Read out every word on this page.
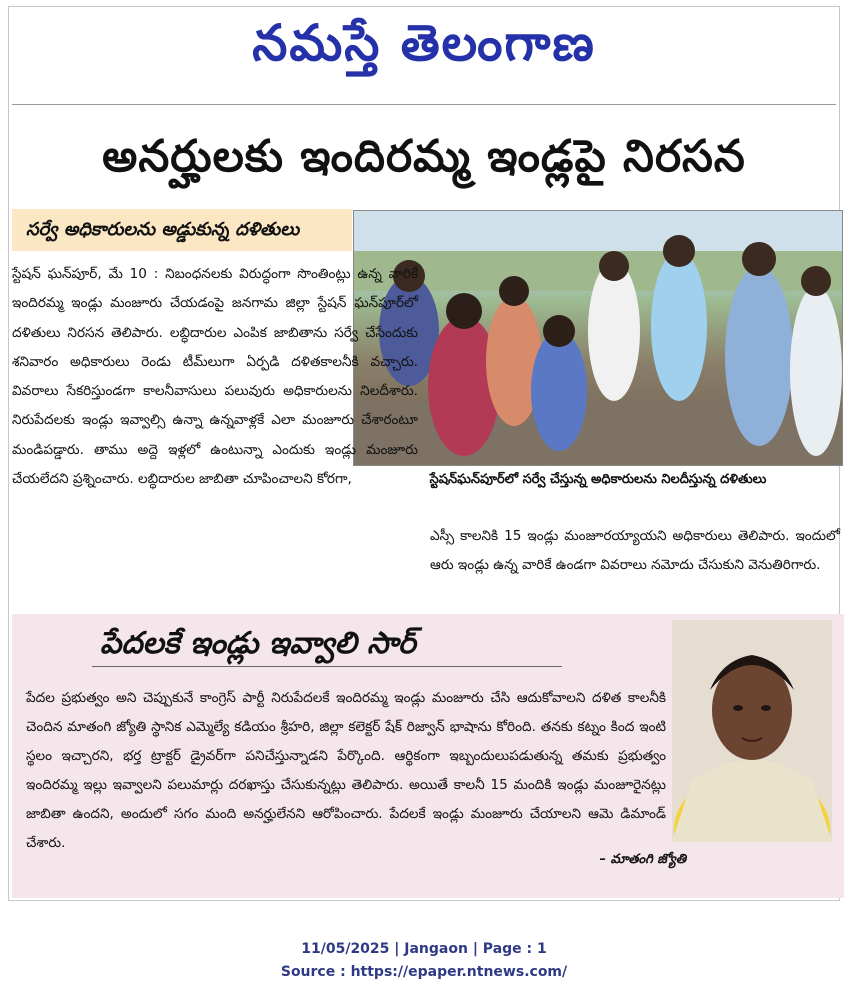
నమస్తే తెలంగాణ
అనర్హులకు ఇందిరమ్మ ఇండ్లపై నిరసన
సర్వే అధికారులను అడ్డుకున్న దళితులు
స్టేషన్‌ఘన్‌పూర్‌లో సర్వే చేస్తున్న అధికారులను నిలదీస్తున్న దళితులు
స్టేషన్ ఘన్‌పూర్, మే 10 : నిబంధనలకు విరుద్ధంగా సొంతింట్లు ఉన్న వారికే ఇందిరమ్మ ఇండ్లు మంజూరు చేయడంపై జనగామ జిల్లా స్టేషన్ ఘన్‌పూర్‌లో దళితులు నిరసన తెలిపారు. లబ్ధిదారుల ఎంపిక జాబితాను సర్వే చేసేందుకు శనివారం అధికారులు రెండు టీమ్‌లుగా ఏర్పడి దళితకాలనీకి వచ్చారు. వివరాలు సేకరిస్తుండగా కాలనీవాసులు పలువురు అధికారులను నిలదీశారు. నిరుపేదలకు ఇండ్లు ఇవ్వాల్సి ఉన్నా ఉన్నవాళ్లకే ఎలా మంజూరు చేశారంటూ మండిపడ్డారు. తాము అద్దె ఇళ్లలో ఉంటున్నా ఎందుకు ఇండ్లు మంజూరు చేయలేదని ప్రశ్నించారు. లబ్ధిదారుల జాబితా చూపించాలని కోరగా,
ఎస్సీ కాలనికి 15 ఇండ్లు మంజూరయ్యాయని అధికారులు తెలిపారు. ఇందులో ఆరు ఇండ్లు ఉన్న వారికే ఉండగా వివరాలు నమోదు చేసుకుని వెనుతిరిగారు.
పేదలకే ఇండ్లు ఇవ్వాలి సార్
పేదల ప్రభుత్వం అని చెప్పుకునే కాంగ్రెస్ పార్టీ నిరుపేదలకే ఇందిరమ్మ ఇండ్లు మంజూరు చేసి ఆదుకోవాలని దళిత కాలనీకి చెందిన మాతంగి జ్యోతి స్థానిక ఎమ్మెల్యే కడియం శ్రీహరి, జిల్లా కలెక్టర్ షేక్ రిజ్వాన్ భాషాను కోరింది. తనకు కట్నం కింద ఇంటి స్థలం ఇచ్చారని, భర్త ట్రాక్టర్ డ్రైవర్‌గా పనిచేస్తున్నాడని పేర్కొంది. ఆర్థికంగా ఇబ్బందులుపడుతున్న తమకు ప్రభుత్వం ఇందిరమ్మ ఇల్లు ఇవ్వాలని పలుమార్లు దరఖాస్తు చేసుకున్నట్లు తెలిపారు. అయితే కాలనీ 15 మందికి ఇండ్లు మంజూరైనట్లు జాబితా ఉందని, అందులో సగం మంది అనర్హులేనని ఆరోపించారు. పేదలకే ఇండ్లు మంజూరు చేయాలని ఆమె డిమాండ్ చేశారు.
– మాతంగి జ్యోతి
11/05/2025 | Jangaon | Page : 1
Source : https://epaper.ntnews.com/
